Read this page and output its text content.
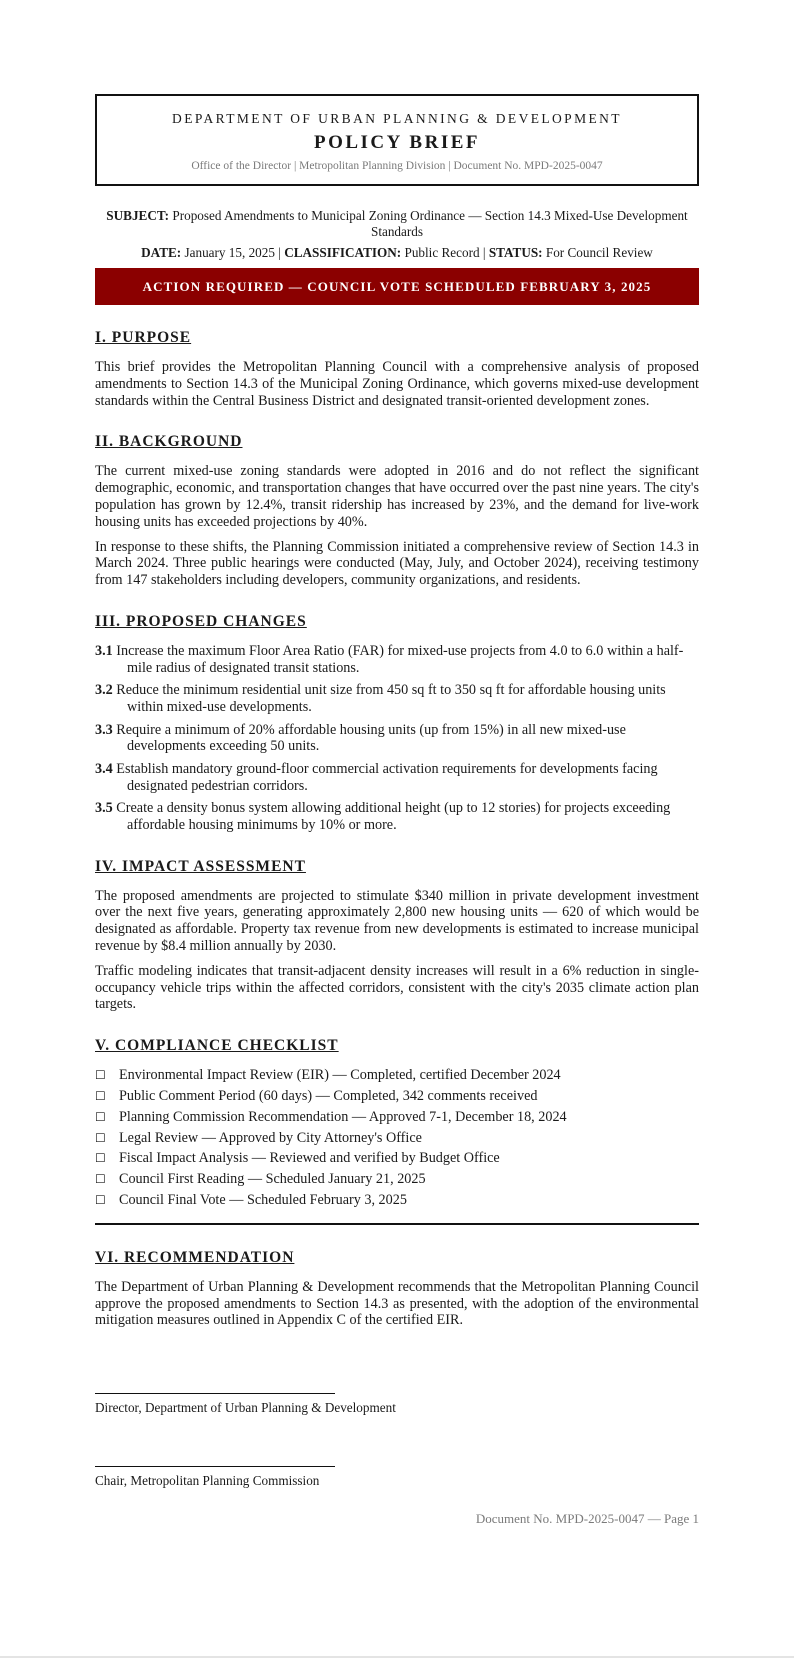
DEPARTMENT OF URBAN PLANNING & DEVELOPMENT
POLICY BRIEF
Office of the Director | Metropolitan Planning Division | Document No. MPD-2025-0047
SUBJECT: Proposed Amendments to Municipal Zoning Ordinance — Section 14.3 Mixed-Use Development Standards
DATE: January 15, 2025 | CLASSIFICATION: Public Record | STATUS: For Council Review
ACTION REQUIRED — COUNCIL VOTE SCHEDULED FEBRUARY 3, 2025
I. PURPOSE

This brief provides the Metropolitan Planning Council with a comprehensive analysis of proposed amendments to Section 14.3 of the Municipal Zoning Ordinance, which governs mixed-use development standards within the Central Business District and designated transit-oriented development zones.

II. BACKGROUND

The current mixed-use zoning standards were adopted in 2016 and do not reflect the significant demographic, economic, and transportation changes that have occurred over the past nine years. The city's population has grown by 12.4%, transit ridership has increased by 23%, and the demand for live-work housing units has exceeded projections by 40%.

In response to these shifts, the Planning Commission initiated a comprehensive review of Section 14.3 in March 2024. Three public hearings were conducted (May, July, and October 2024), receiving testimony from 147 stakeholders including developers, community organizations, and residents.

III. PROPOSED CHANGES
3.1 Increase the maximum Floor Area Ratio (FAR) for mixed-use projects from 4.0 to 6.0 within a half-mile radius of designated transit stations.
3.2 Reduce the minimum residential unit size from 450 sq ft to 350 sq ft for affordable housing units within mixed-use developments.
3.3 Require a minimum of 20% affordable housing units (up from 15%) in all new mixed-use developments exceeding 50 units.
3.4 Establish mandatory ground-floor commercial activation requirements for developments facing designated pedestrian corridors.
3.5 Create a density bonus system allowing additional height (up to 12 stories) for projects exceeding affordable housing minimums by 10% or more.
IV. IMPACT ASSESSMENT

The proposed amendments are projected to stimulate $340 million in private development investment over the next five years, generating approximately 2,800 new housing units — 620 of which would be designated as affordable. Property tax revenue from new developments is estimated to increase municipal revenue by $8.4 million annually by 2030.

Traffic modeling indicates that transit-adjacent density increases will result in a 6% reduction in single-occupancy vehicle trips within the affected corridors, consistent with the city's 2035 climate action plan targets.

V. COMPLIANCE CHECKLIST
☐ Environmental Impact Review (EIR) — Completed, certified December 2024
☐ Public Comment Period (60 days) — Completed, 342 comments received
☐ Planning Commission Recommendation — Approved 7-1, December 18, 2024
☐ Legal Review — Approved by City Attorney's Office
☐ Fiscal Impact Analysis — Reviewed and verified by Budget Office
☐ Council First Reading — Scheduled January 21, 2025
☐ Council Final Vote — Scheduled February 3, 2025
VI. RECOMMENDATION

The Department of Urban Planning & Development recommends that the Metropolitan Planning Council approve the proposed amendments to Section 14.3 as presented, with the adoption of the environmental mitigation measures outlined in Appendix C of the certified EIR.

Director, Department of Urban Planning & Development
Chair, Metropolitan Planning Commission
Document No. MPD-2025-0047 — Page 1
